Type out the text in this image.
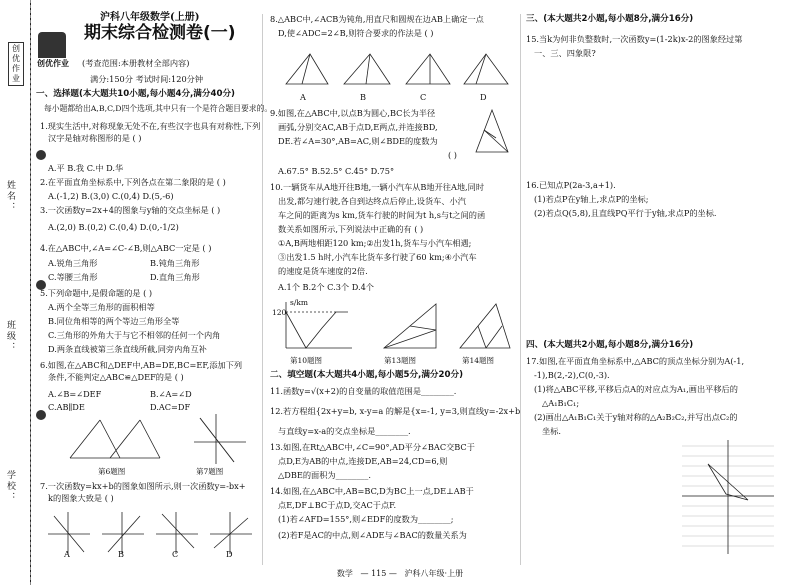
创优作业
姓名：
班级：
学校：
创优作业
沪科八年级数学(上册)
期末综合检测卷(一)
(考查范围:本册教材全部内容)
满分:150分 考试时间:120分钟
一、选择题(本大题共10小题,每小题4分,满分40分)
每小题都给出A,B,C,D四个选项,其中只有一个是符合题目要求的。
1.现实生活中,对称现象无处不在,有些汉字也具有对称性,下列
汉字是轴对称图形的是 ( )
A.平 B.我 C.中 D.华
2.在平面直角坐标系中,下列各点在第二象限的是 ( )
A.(-1,2) B.(3,0) C.(0,4) D.(5,-6)
3.一次函数y=2x+4的图象与y轴的交点坐标是 ( )
A.(2,0) B.(0,2) C.(0,4) D.(0,-1/2)
4.在△ABC中,∠A=∠C-∠B,则△ABC一定是 ( )
A.锐角三角形	B.钝角三角形
C.等腰三角形	D.直角三角形
5.下列命题中,是假命题的是 ( )
A.两个全等三角形的面积相等
B.同位角相等的两个等边三角形全等
C.三角形的外角大于与它不相邻的任何一个内角
D.两条直线被第三条直线所截,同旁内角互补
6.如图,在△ABC和△DEF中,AB=DE,BC=EF,添加下列
条件,不能判定△ABC≌△DEF的是 ( )
A.∠B=∠DEF	B.∠A=∠D
C.AB∥DE	D.AC=DF
第6题图	第7题图
7.一次函数y=kx+b的图象如图所示,则一次函数y=-bx+
k的图象大致是 ( )
A	B	C	D
8.△ABC中,∠ACB为钝角,用直尺和圆规在边AB上确定一点
D,使∠ADC=2∠B,则符合要求的作法是 ( )
A	B	C	D
9.如图,在△ABC中,以点B为圆心,BC长为半径
画弧,分别交AC,AB于点D,E两点,并连接BD,
DE.若∠A=30°,AB=AC,则∠BDE的度数为
( )
A.67.5° B.52.5° C.45° D.75°
10.一辆货车从A地开往B地,一辆小汽车从B地开往A地,同时
出发,都匀速行驶,各自到达终点后停止,设货车、小汽
车之间的距离为s km,货车行驶的时间为t h,s与t之间的函
数关系如图所示,下列说法中正确的有 ( )
①A,B两地相距120 km;②出发1h,货车与小汽车相遇;
③出发1.5 h时,小汽车比货车多行驶了60 km;④小汽车
的速度是货车速度的2倍.
A.1个 B.2个 C.3个 D.4个
s/km
120
第10题图	第13题图	第14题图
二、填空题(本大题共4小题,每小题5分,满分20分)
11.函数y=√(x+2)的自变量的取值范围是________.
12.若方程组{2x+y=b, x-y=a 的解是{x=-1, y=3,则直线y=-2x+b
与直线y=x-a的交点坐标是________.
13.如图,在Rt△ABC中,∠C=90°,AD平分∠BAC交BC于
点D,E为AB的中点,连接DE,AB=24,CD=6,则
△DBE的面积为________.
14.如图,在△ABC中,AB=BC,D为BC上一点,DE⊥AB于
点E,DF⊥BC于点D,交AC于点F.
(1)若∠AFD=155°,则∠EDF的度数为________;
(2)若F是AC的中点,则∠ADE与∠BAC的数量关系为
三、(本大题共2小题,每小题8分,满分16分)
15.当k为何非负整数时,一次函数y=(1-2k)x-2的图象经过第
一、三、四象限?
16.已知点P(2a-3,a+1).
(1)若点P在y轴上,求点P的坐标;
(2)若点Q(5,8),且直线PQ平行于y轴,求点P的坐标.
四、(本大题共2小题,每小题8分,满分16分)
17.如图,在平面直角坐标系中,△ABC的顶点坐标分别为A(-1,
-1),B(2,-2),C(0,-3).
(1)将△ABC平移,平移后点A的对应点为A₁,画出平移后的
△A₁B₁C₁;
(2)画出△A₁B₁C₁关于y轴对称的△A₂B₂C₂,并写出点C₂的
坐标.
数学 — 115 — 沪科八年级·上册
